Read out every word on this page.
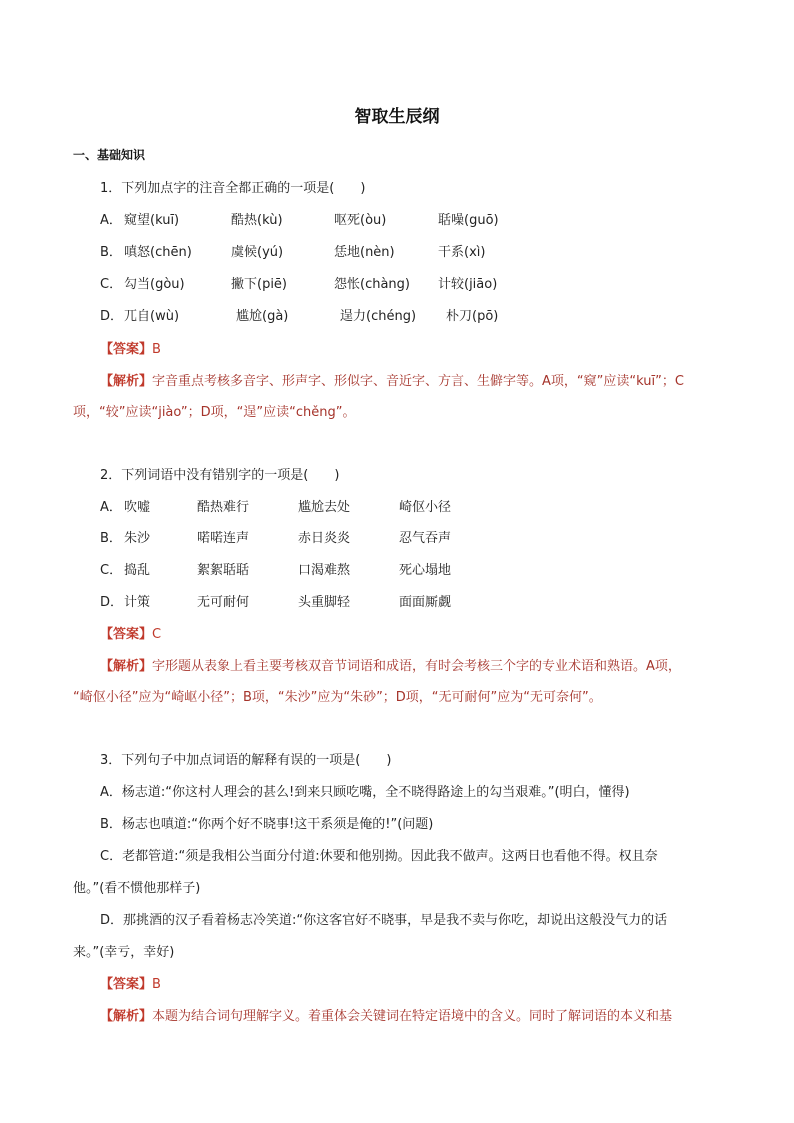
智取生辰纲
一、基础知识
1．下列加点字的注音全都正确的一项是(　　)
A． 窥望(kuī)	酷热(kù)	呕死(òu)	聒噪(guō)
B． 嗔怒(chēn)	虞候(yú)	恁地(nèn)	干系(xì)
C． 勾当(gòu)	撇下(piē)	怨怅(chàng) 计较(jiāo)
D． 兀自(wù)	尴尬(gà)	逞力(chéng) 朴刀(pō)
【答案】B
【解析】字音重点考核多音字、形声字、形似字、音近字、方言、生僻字等。A项，“窥”应读“kuī”；C
项，“较”应读“jiào”；D项，“逞”应读“chěng”。
2．下列词语中没有错别字的一项是(　　)
A． 吹嘘	酷热难行	尴尬去处	崎伛小径
B． 朱沙	喏喏连声	赤日炎炎	忍气吞声
C． 捣乱	絮絮聒聒	口渴难熬	死心塌地
D． 计策	无可耐何	头重脚轻	面面厮觑
【答案】C
【解析】字形题从表象上看主要考核双音节词语和成语，有时会考核三个字的专业术语和熟语。A项，
“崎伛小径”应为“崎岖小径”；B项，“朱沙”应为“朱砂”；D项，“无可耐何”应为“无可奈何”。
3．下列句子中加点词语的解释有误的一项是(　　)
A．杨志道:“你这村人理会的甚么!到来只顾吃嘴，全不晓得路途上的勾当艰难。”(明白，懂得)
B．杨志也嗔道:“你两个好不晓事!这干系须是俺的!”(问题)
C．老都管道:“须是我相公当面分付道:休要和他别拗。因此我不做声。这两日也看他不得。权且奈
他。”(看不惯他那样子)
D．那挑酒的汉子看着杨志冷笑道:“你这客官好不晓事，早是我不卖与你吃，却说出这般没气力的话
来。”(幸亏，幸好)
【答案】B
【解析】本题为结合词句理解字义。着重体会关键词在特定语境中的含义。同时了解词语的本义和基
